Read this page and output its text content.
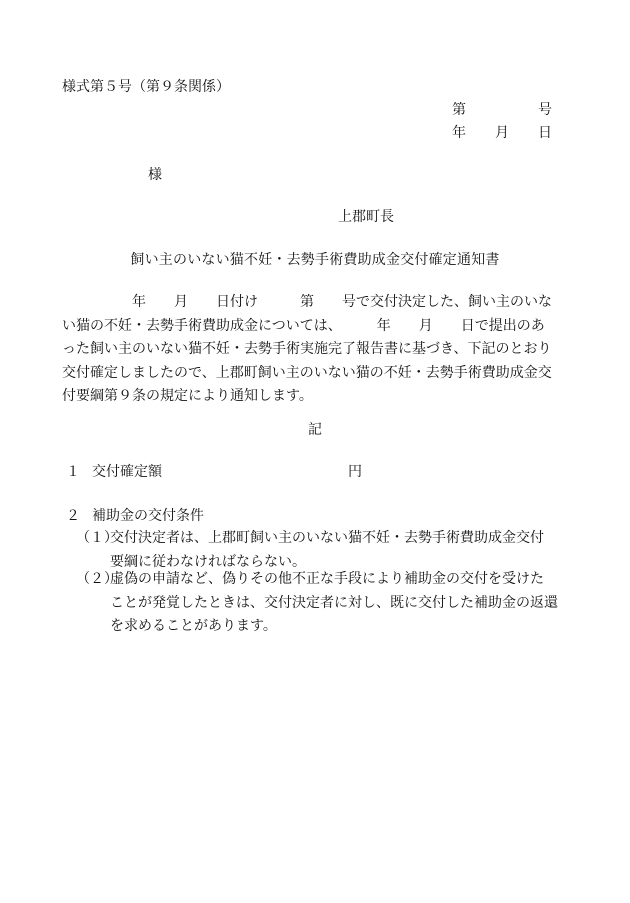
様式第５号（第９条関係）
第	号
年 月 日
様
上郡町長
飼い主のいない猫不妊・去勢手術費助成金交付確定通知書
　　　　　年　　月　　日付け　　　第　　号で交付決定した、飼い主のいな
い猫の不妊・去勢手術費助成金については、　　　年　　月　　日で提出のあ
った飼い主のいない猫不妊・去勢手術実施完了報告書に基づき、下記のとおり
交付確定しましたので、上郡町飼い主のいない猫の不妊・去勢手術費助成金交
付要綱第９条の規定により通知します。
記
１ 交付確定額	円
２ 補助金の交付条件
（１）
交付決定者は、上郡町飼い主のいない猫不妊・去勢手術費助成金交付
要綱に従わなければならない。
（２）
虚偽の申請など、偽りその他不正な手段により補助金の交付を受けた
ことが発覚したときは、交付決定者に対し、既に交付した補助金の返還
を求めることがあります。
